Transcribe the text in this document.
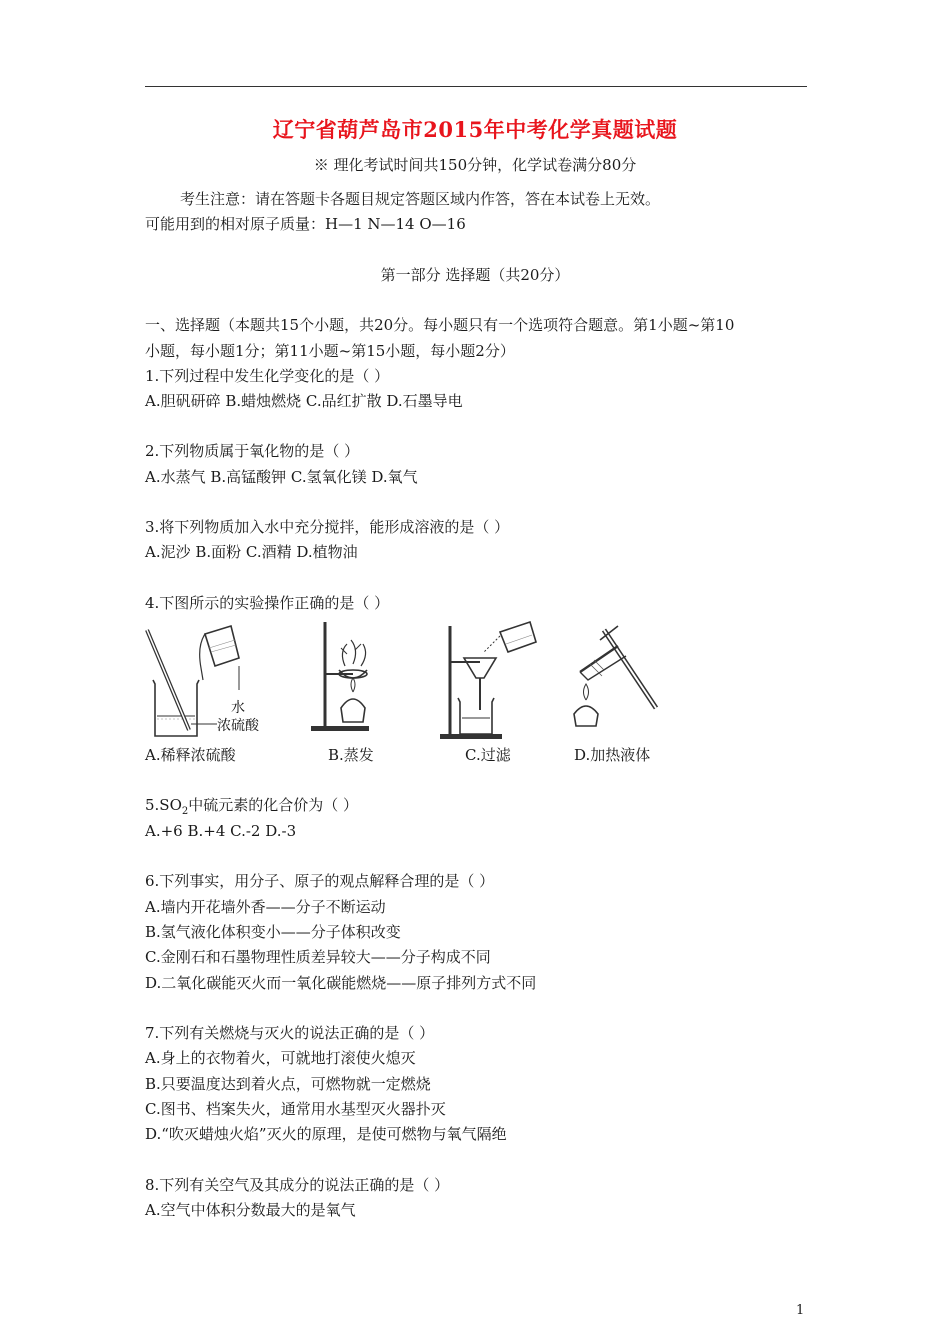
辽宁省葫芦岛市2015年中考化学真题试题
※ 理化考试时间共150分钟，化学试卷满分80分
考生注意：请在答题卡各题目规定答题区域内作答，答在本试卷上无效。
可能用到的相对原子质量：H—1 N—14 O—16
第一部分 选择题（共20分）
一、选择题（本题共15个小题，共20分。每小题只有一个选项符合题意。第1小题~第10
小题，每小题1分；第11小题~第15小题，每小题2分）
1.下列过程中发生化学变化的是（ ）
A.胆矾研碎 B.蜡烛燃烧 C.品红扩散 D.石墨导电
2.下列物质属于氧化物的是（ ）
A.水蒸气 B.高锰酸钾 C.氢氧化镁 D.氧气
3.将下列物质加入水中充分搅拌，能形成溶液的是（ ）
A.泥沙 B.面粉 C.酒精 D.植物油
4.下图所示的实验操作正确的是（ ）
水
浓硫酸
A.稀释浓硫酸	B.蒸发	C.过滤	D.加热液体
$5.SO_2$中硫元素的化合价为（ ）
A.+6 B.+4 C.-2 D.-3
6.下列事实，用分子、原子的观点解释合理的是（ ）
A.墙内开花墙外香——分子不断运动
B.氢气液化体积变小——分子体积改变
C.金刚石和石墨物理性质差异较大——分子构成不同
D.二氧化碳能灭火而一氧化碳能燃烧——原子排列方式不同
7.下列有关燃烧与灭火的说法正确的是（ ）
A.身上的衣物着火，可就地打滚使火熄灭
B.只要温度达到着火点，可燃物就一定燃烧
C.图书、档案失火，通常用水基型灭火器扑灭
D.“吹灭蜡烛火焰”灭火的原理，是使可燃物与氧气隔绝
8.下列有关空气及其成分的说法正确的是（ ）
A.空气中体积分数最大的是氧气
1
